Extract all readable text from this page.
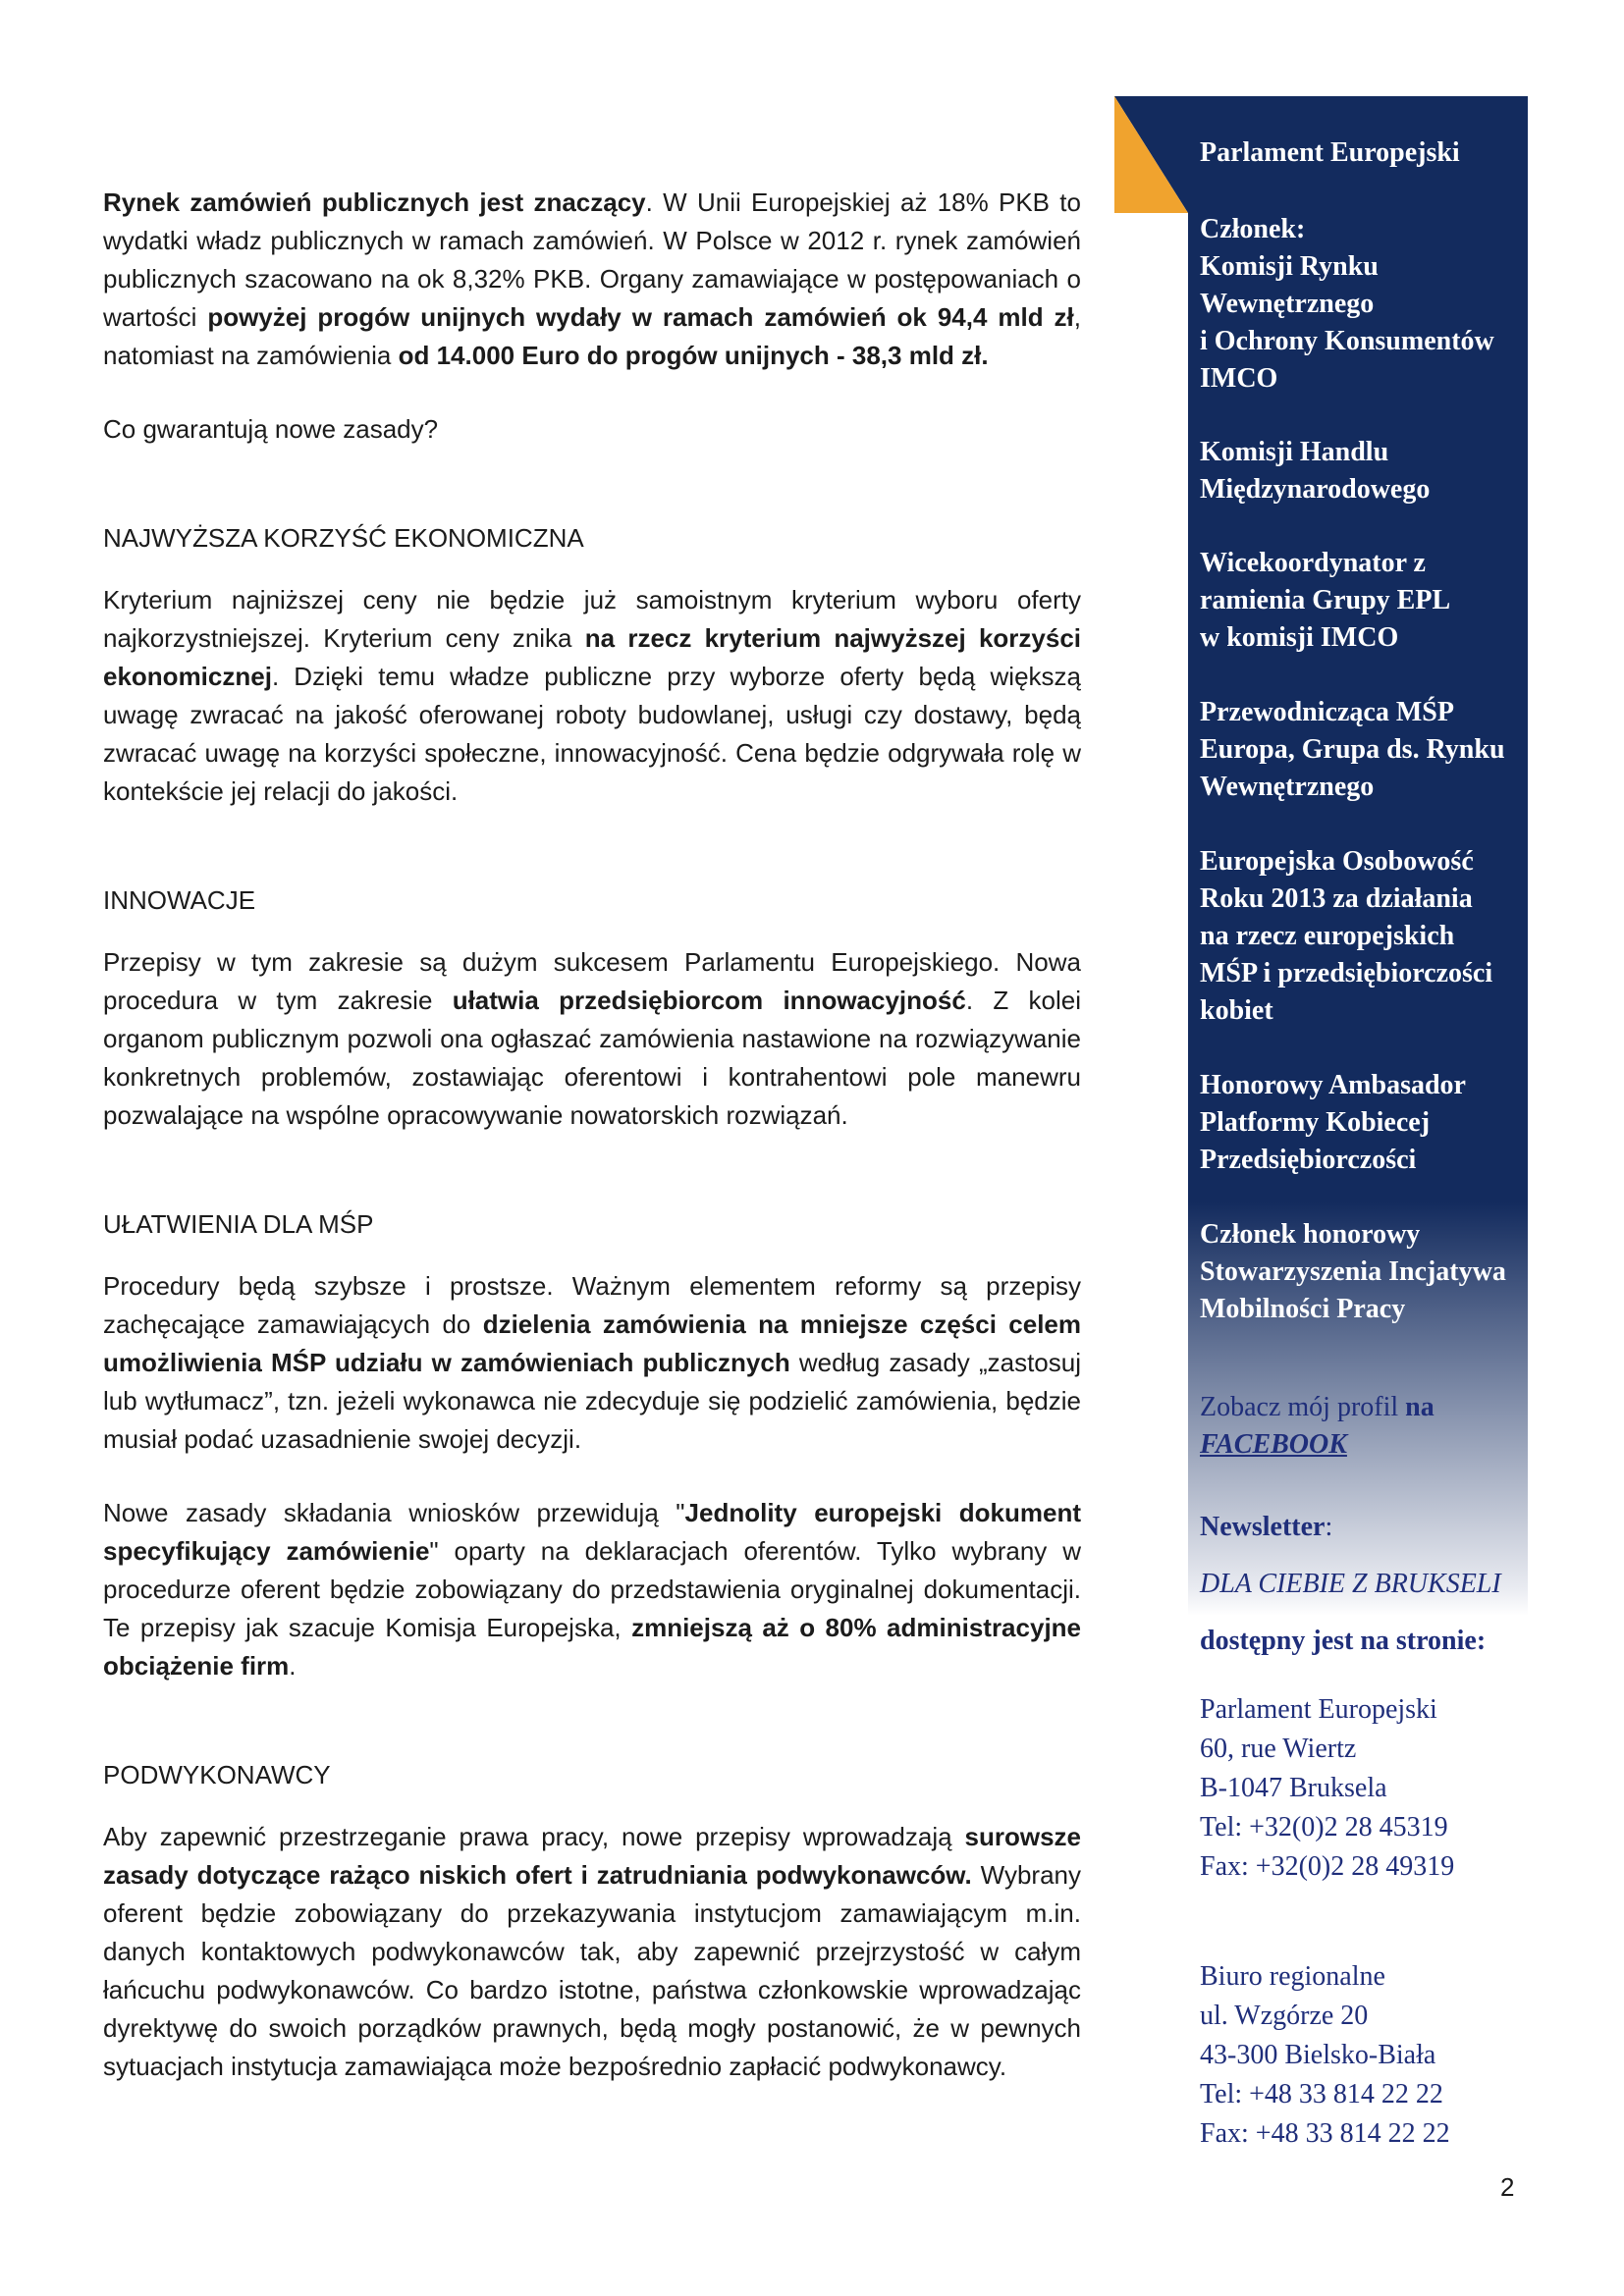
Rynek zamówień publicznych jest znaczący. W Unii Europejskiej aż 18% PKB to wydatki władz publicznych w ramach zamówień. W Polsce w 2012 r. rynek zamówień publicznych szacowano na ok 8,32% PKB. Organy zamawiające w postępowaniach o wartości powyżej progów unijnych wydały w ramach zamówień ok 94,4 mld zł, natomiast na zamówienia od 14.000 Euro do progów unijnych - 38,3 mld zł.
Co gwarantują nowe zasady?
NAJWYŻSZA KORZYŚĆ EKONOMICZNA
Kryterium najniższej ceny nie będzie już samoistnym kryterium wyboru oferty najkorzystniejszej. Kryterium ceny znika na rzecz kryterium najwyższej korzyści ekonomicznej. Dzięki temu władze publiczne przy wyborze oferty będą większą uwagę zwracać na jakość oferowanej roboty budowlanej, usługi czy dostawy, będą zwracać uwagę na korzyści społeczne, innowacyjność. Cena będzie odgrywała rolę w kontekście jej relacji do jakości.
INNOWACJE
Przepisy w tym zakresie są dużym sukcesem Parlamentu Europejskiego. Nowa procedura w tym zakresie ułatwia przedsiębiorcom innowacyjność. Z kolei organom publicznym pozwoli ona ogłaszać zamówienia nastawione na rozwiązywanie konkretnych problemów, zostawiając oferentowi i kontrahentowi pole manewru pozwalające na wspólne opracowywanie nowatorskich rozwiązań.
UŁATWIENIA DLA MŚP
Procedury będą szybsze i prostsze. Ważnym elementem reformy są przepisy zachęcające zamawiających do dzielenia zamówienia na mniejsze części celem umożliwienia MŚP udziału w zamówieniach publicznych według zasady „zastosuj lub wytłumacz”, tzn. jeżeli wykonawca nie zdecyduje się podzielić zamówienia, będzie musiał podać uzasadnienie swojej decyzji.
Nowe zasady składania wniosków przewidują "Jednolity europejski dokument specyfikujący zamówienie" oparty na deklaracjach oferentów. Tylko wybrany w procedurze oferent będzie zobowiązany do przedstawienia oryginalnej dokumentacji. Te przepisy jak szacuje Komisja Europejska, zmniejszą aż o 80% administracyjne obciążenie firm.
PODWYKONAWCY
Aby zapewnić przestrzeganie prawa pracy, nowe przepisy wprowadzają surowsze zasady dotyczące rażąco niskich ofert i zatrudniania podwykonawców. Wybrany oferent będzie zobowiązany do przekazywania instytucjom zamawiającym m.in. danych kontaktowych podwykonawców tak, aby zapewnić przejrzystość w całym łańcuchu podwykonawców. Co bardzo istotne, państwa członkowskie wprowadzając dyrektywę do swoich porządków prawnych, będą mogły postanowić, że w pewnych sytuacjach instytucja zamawiająca może bezpośrednio zapłacić podwykonawcy.
Parlament Europejski
Członek:
Komisji Rynku
Wewnętrznego
i Ochrony Konsumentów
IMCO
Komisji Handlu
Międzynarodowego
Wicekoordynator z
ramienia Grupy EPL
w komisji IMCO
Przewodnicząca MŚP
Europa, Grupa ds. Rynku
Wewnętrznego
Europejska Osobowość
Roku 2013 za działania
na rzecz europejskich
MŚP i przedsiębiorczości
kobiet
Honorowy Ambasador
Platformy Kobiecej
Przedsiębiorczości
Członek honorowy
Stowarzyszenia Incjatywa
Mobilności Pracy
Zobacz mój profil na
FACEBOOK
Newsletter:
DLA CIEBIE Z BRUKSELI
dostępny jest na stronie:
Parlament Europejski
60, rue Wiertz
B-1047 Bruksela
Tel: +32(0)2 28 45319
Fax: +32(0)2 28 49319
Biuro regionalne
ul. Wzgórze 20
43-300 Bielsko-Biała
Tel: +48 33 814 22 22
Fax: +48 33 814 22 22
2
